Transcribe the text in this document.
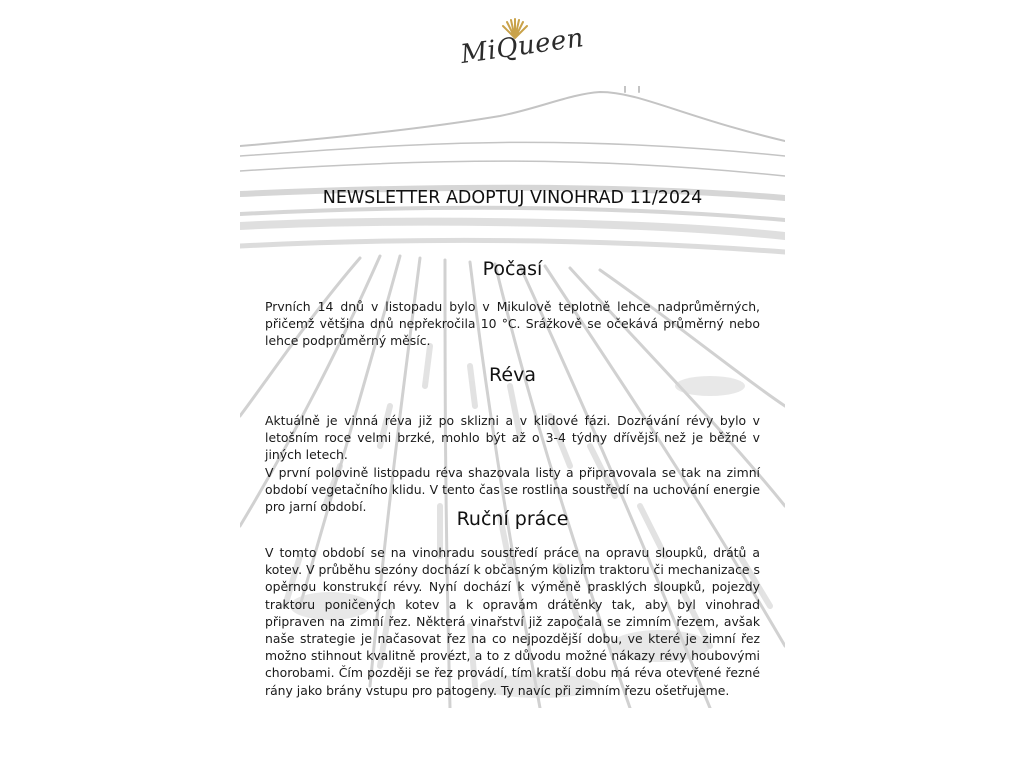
MiQueen
NEWSLETTER ADOPTUJ VINOHRAD 11/2024
Počasí

Prvních 14 dnů v listopadu bylo v Mikulově teplotně lehce nadprůměrných, přičemž většina dnů nepřekročila 10 °C. Srážkově se očekává průměrný nebo lehce podprůměrný měsíc.

Réva

Aktuálně je vinná réva již po sklizni a v klidové fázi. Dozrávání révy bylo v letošním roce velmi brzké, mohlo být až o 3-4 týdny dřívější než je běžné v jiných letech.

V první polovině listopadu réva shazovala listy a připravovala se tak na zimní období vegetačního klidu. V tento čas se rostlina soustředí na uchování energie pro jarní období.

Ruční práce

V tomto období se na vinohradu soustředí práce na opravu sloupků, drátů a kotev. V průběhu sezóny dochází k občasným kolizím traktoru či mechanizace s opěrnou konstrukcí révy. Nyní dochází k výměně prasklých sloupků, pojezdy traktoru poničených kotev a k opravám drátěnky tak, aby byl vinohrad připraven na zimní řez. Některá vinařství již započala se zimním řezem, avšak naše strategie je načasovat řez na co nejpozdější dobu, ve které je zimní řez možno stihnout kvalitně provézt, a to z důvodu možné nákazy révy houbovými chorobami. Čím později se řez provádí, tím kratší dobu má réva otevřené řezné rány jako brány vstupu pro patogeny. Ty navíc při zimním řezu ošetřujeme.
